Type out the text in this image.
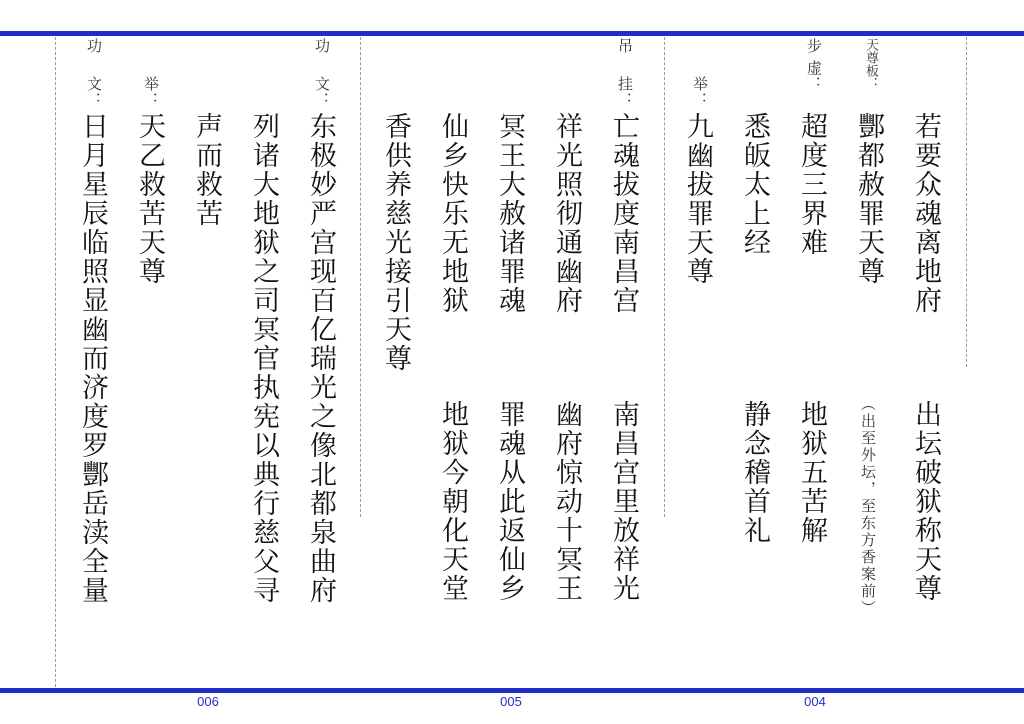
若要众魂离地府
出坛破狱称天尊
天尊板：
酆都赦罪天尊
（出至外坛，至东方香案前）
步 虚：
超度三界难
地狱五苦解
悉皈太上经
静念稽首礼
举：
九幽拔罪天尊
吊
挂：
亡魂拔度南昌宫
南昌宫里放祥光
祥光照彻通幽府
幽府惊动十冥王
冥王大赦诸罪魂
罪魂从此返仙乡
仙乡快乐无地狱
地狱今朝化天堂
香供养慈光接引天尊
功
文：
东极妙严宫现百亿瑞光之像北都泉曲府
列诸大地狱之司冥官执宪以典行慈父寻
声而救苦
举：
天乙救苦天尊
功
文：
日月星辰临照显幽而济度罗酆岳渎全量
006	005	004
